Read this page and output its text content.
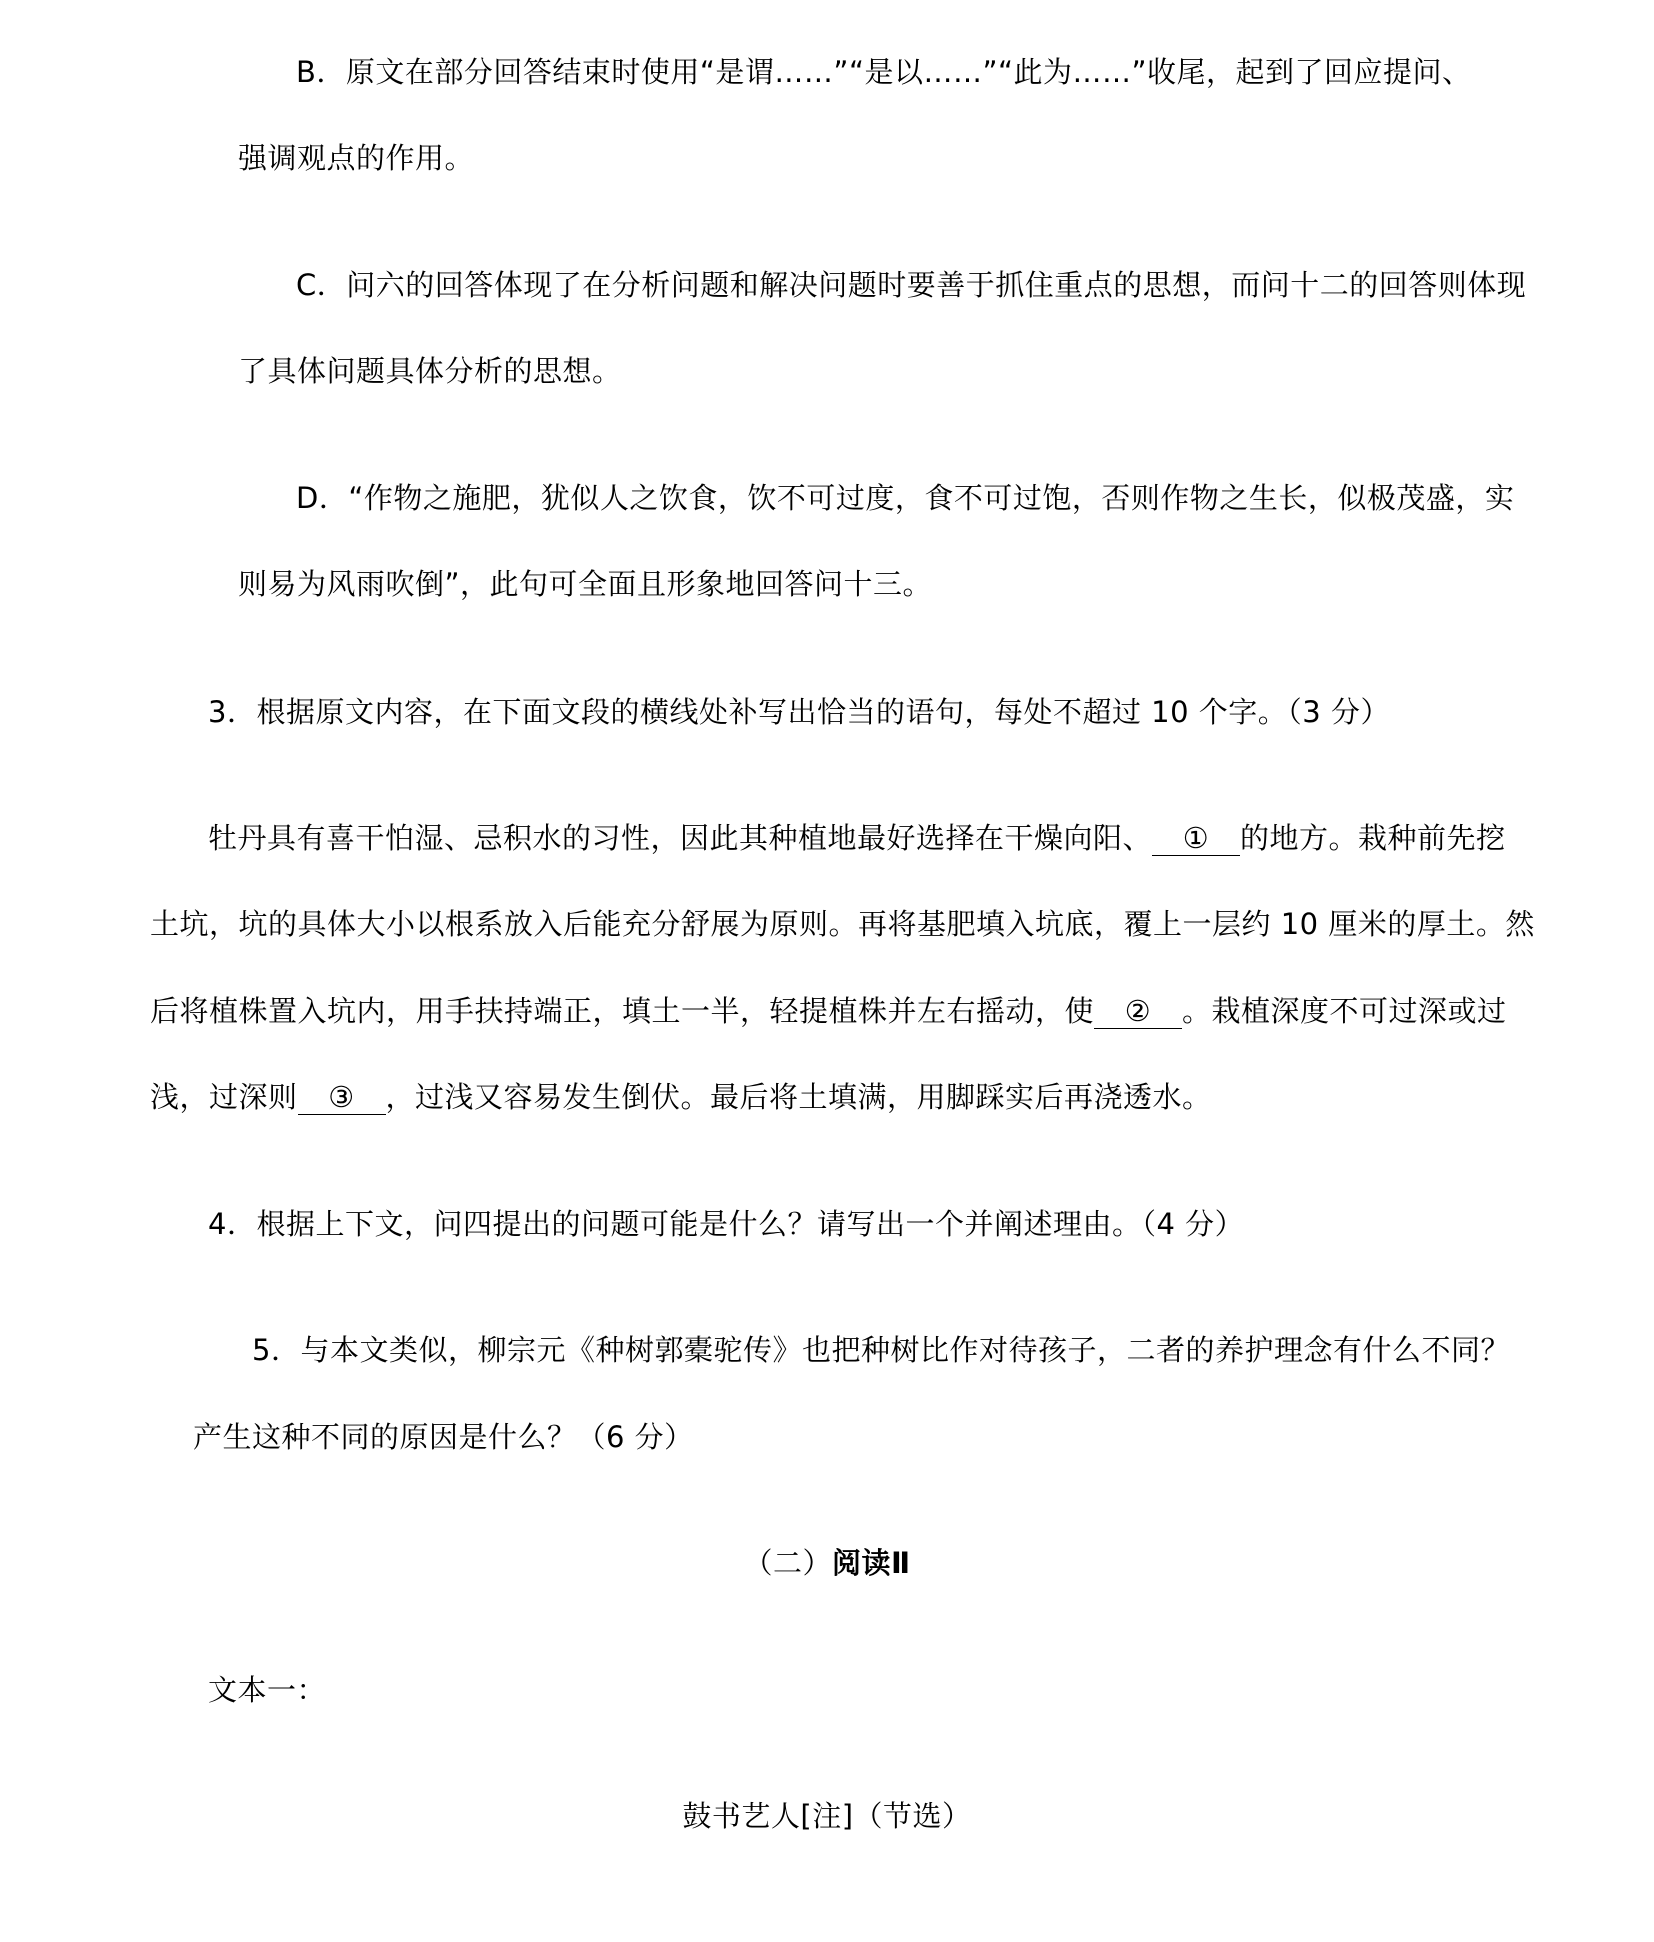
B．原文在部分回答结束时使用“是谓……”“是以……”“此为……”收尾，起到了回应提问、
强调观点的作用。
C．问六的回答体现了在分析问题和解决问题时要善于抓住重点的思想，而问十二的回答则体现
了具体问题具体分析的思想。
D．“作物之施肥，犹似人之饮食，饮不可过度，食不可过饱，否则作物之生长，似极茂盛，实
则易为风雨吹倒”，此句可全面且形象地回答问十三。
3．根据原文内容，在下面文段的横线处补写出恰当的语句，每处不超过 10 个字。（3 分）
牡丹具有喜干怕湿、忌积水的习性，因此其种植地最好选择在干燥向阳、 ① 的地方。栽种前先挖
土坑，坑的具体大小以根系放入后能充分舒展为原则。再将基肥填入坑底，覆上一层约 10 厘米的厚土。然
后将植株置入坑内，用手扶持端正，填土一半，轻提植株并左右摇动，使 ② 。栽植深度不可过深或过
浅，过深则 ③ ，过浅又容易发生倒伏。最后将土填满，用脚踩实后再浇透水。
4．根据上下文，问四提出的问题可能是什么？请写出一个并阐述理由。（4 分）
5．与本文类似，柳宗元《种树郭橐驼传》也把种树比作对待孩子，二者的养护理念有什么不同？
产生这种不同的原因是什么？（6 分）
（二）阅读Ⅱ
文本一：
鼓书艺人[注]（节选）
